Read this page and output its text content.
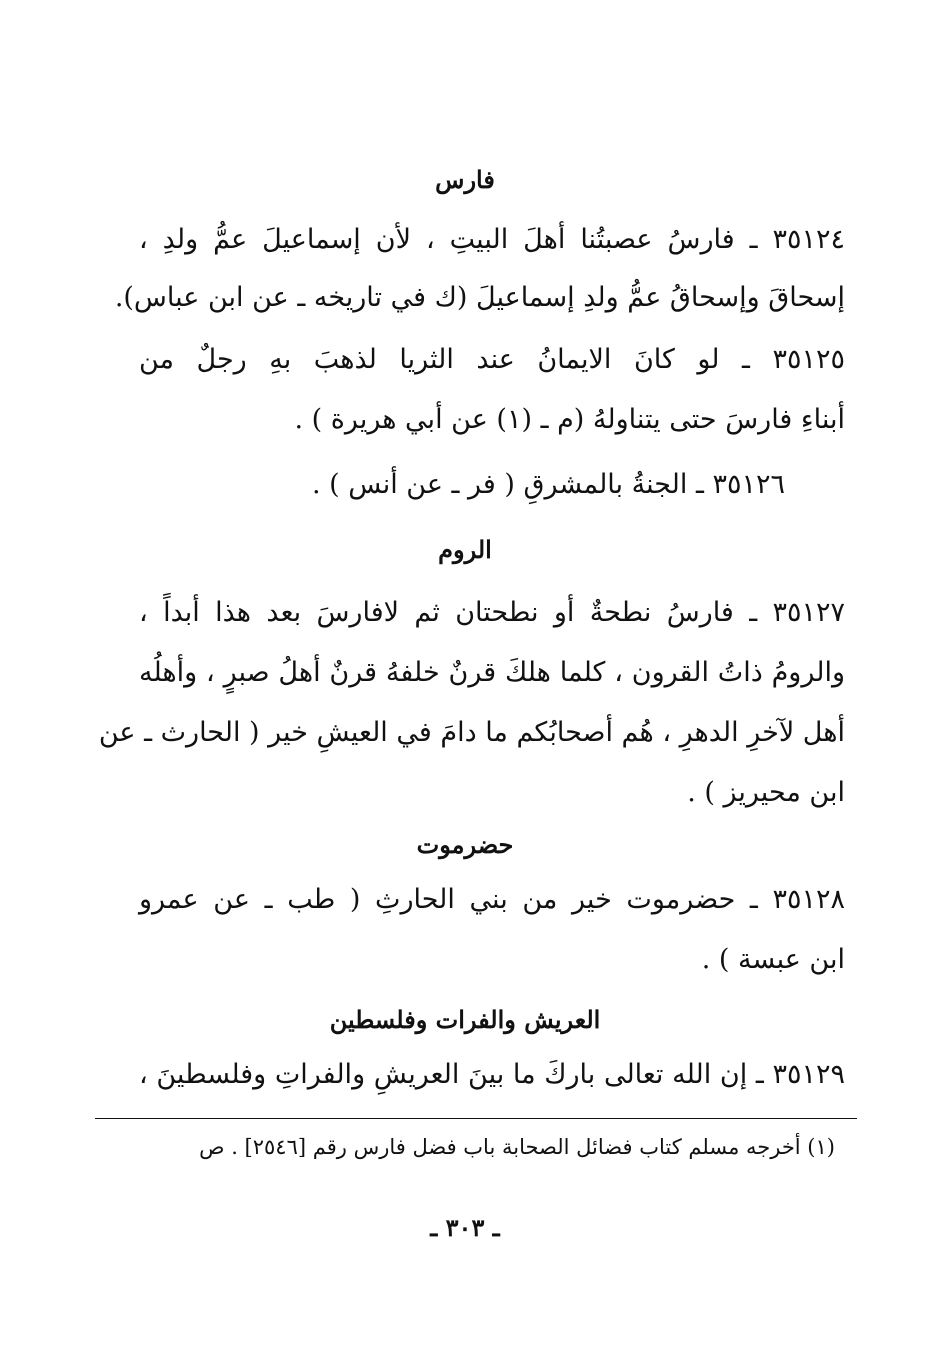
فارس
٣٥١٢٤ ـ فارسُ عصبتُنا أهلَ البيتِ ، لأن إسماعيلَ عمُّ ولدِ ،
إسحاقَ وإسحاقُ عمُّ ولدِ إسماعيلَ (ك في تاريخه ـ عن ابن عباس).
٣٥١٢٥ ـ لو كانَ الايمانُ عند الثريا لذهبَ بهِ رجلٌ من
أبناءِ فارسَ حتى يتناولهُ (م ـ (١) عن أبي هريرة ) .
٣٥١٢٦ ـ الجنةُ بالمشرقِ ( فر ـ عن أنس ) .
الروم
٣٥١٢٧ ـ فارسُ نطحةٌ أو نطحتان ثم لافارسَ بعد هذا أبداً ،
والرومُ ذاتُ القرون ، كلما هلكَ قرنٌ خلفهُ قرنٌ أهلُ صبرٍ ، وأهلُه
أهل لآخرِ الدهرِ ، هُم أصحابُكم ما دامَ في العيشِ خير ( الحارث ـ عن
ابن محيريز ) .
حضرموت
٣٥١٢٨ ـ حضرموت خير من بني الحارثِ ( طب ـ عن عمرو
ابن عبسة ) .
العريش والفرات وفلسطين
٣٥١٢٩ ـ إن الله تعالى باركَ ما بينَ العريشِ والفراتِ وفلسطينَ ،
(١) أخرجه مسلم كتاب فضائل الصحابة باب فضل فارس رقم [٢٥٤٦] . ص
ـ ٣٠٣ ـ
